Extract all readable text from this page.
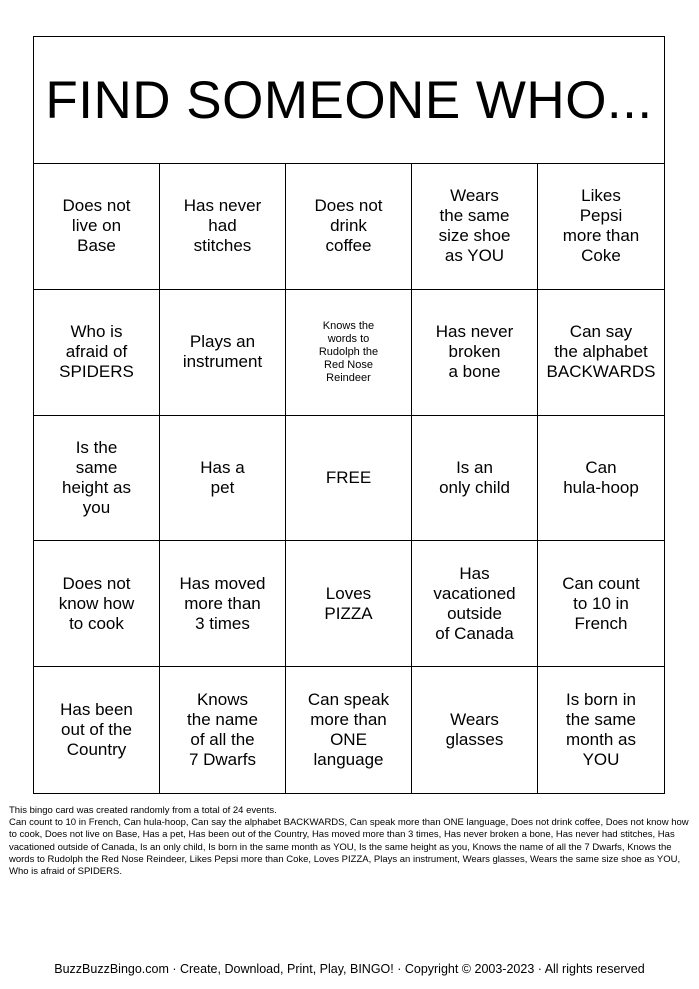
FIND SOMEONE WHO...
Does not
live on
Base
Has never
had
stitches
Does not
drink
coffee
Wears
the same
size shoe
as YOU
Likes
Pepsi
more than
Coke
Who is
afraid of
SPIDERS
Plays an
instrument
Knows the
words to
Rudolph the
Red Nose
Reindeer
Has never
broken
a bone
Can say
the alphabet
BACKWARDS
Is the
same
height as
you
Has a
pet
FREE
Is an
only child
Can
hula-hoop
Does not
know how
to cook
Has moved
more than
3 times
Loves
PIZZA
Has
vacationed
outside
of Canada
Can count
to 10 in
French
Has been
out of the
Country
Knows
the name
of all the
7 Dwarfs
Can speak
more than
ONE
language
Wears
glasses
Is born in
the same
month as
YOU

This bingo card was created randomly from a total of 24 events.

Can count to 10 in French, Can hula-hoop, Can say the alphabet BACKWARDS, Can speak more than ONE language, Does not drink coffee, Does not know how to cook, Does not live on Base, Has a pet, Has been out of the Country, Has moved more than 3 times, Has never broken a bone, Has never had stitches, Has vacationed outside of Canada, Is an only child, Is born in the same month as YOU, Is the same height as you, Knows the name of all the 7 Dwarfs, Knows the words to Rudolph the Red Nose Reindeer, Likes Pepsi more than Coke, Loves PIZZA, Plays an instrument, Wears glasses, Wears the same size shoe as YOU, Who is afraid of SPIDERS.

BuzzBuzzBingo.com · Create, Download, Print, Play, BINGO! · Copyright © 2003-2023 · All rights reserved
